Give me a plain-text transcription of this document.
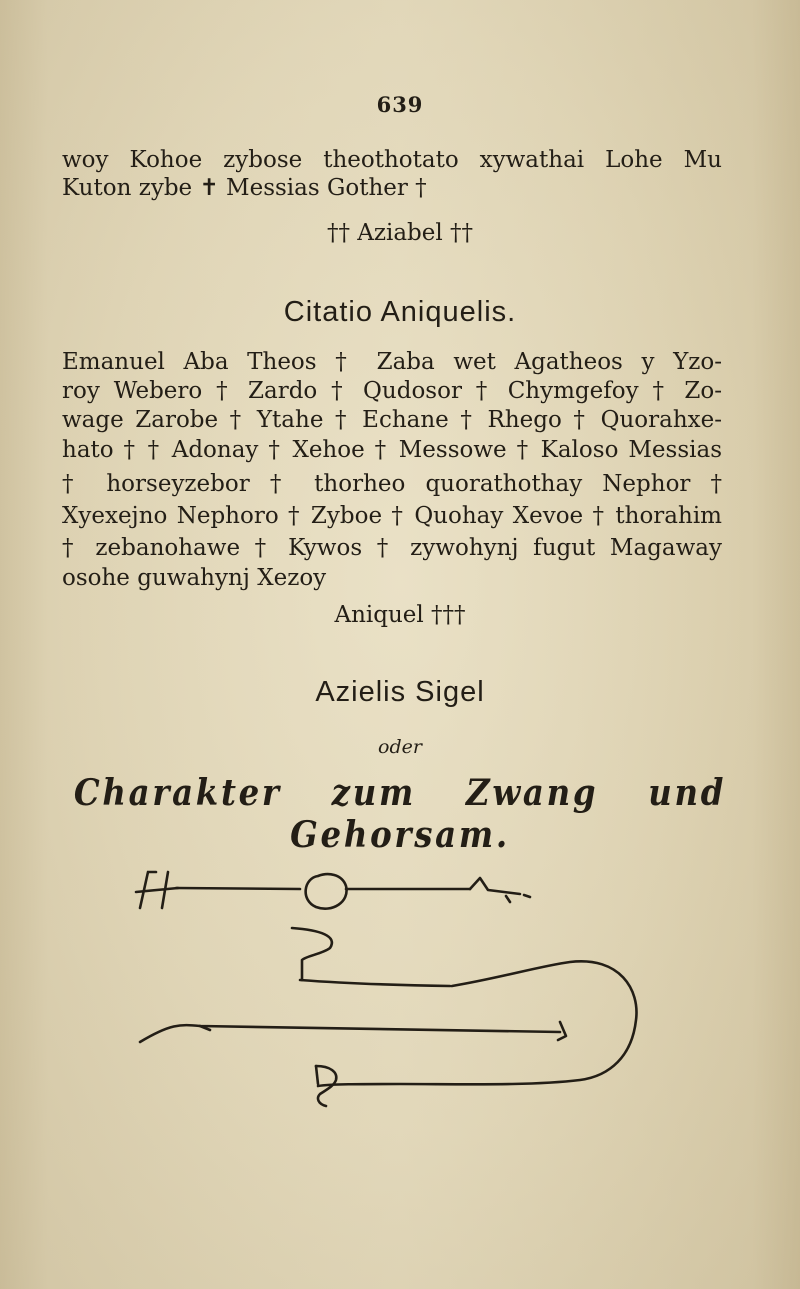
639
woy Kohoe zybose theothotato xywathai Lohe Mu
Kuton zybe ✝ Messias Gother †
†† Aziabel ††
Citatio Aniquelis.
Emanuel Aba Theos † Zaba wet Agatheos y Yzo-
roy Webero † Zardo † Qudosor † Chymgefoy † Zo-
wage Zarobe † Ytahe † Echane † Rhego † Quorahxe-
hato † † Adonay † Xehoe † Messowe † Kaloso Messias
† horseyzebor † thorheo quorathothay Nephor †
Xyexejno Nephoro † Zyboe † Quohay Xevoe † thorahim
† zebanohawe † Kywos † zywohynj fugut Magaway
osohe guwahynj Xezoy
Aniquel †††
Azielis Sigel
oder
Charakter zum Zwang und Gehorsam.
